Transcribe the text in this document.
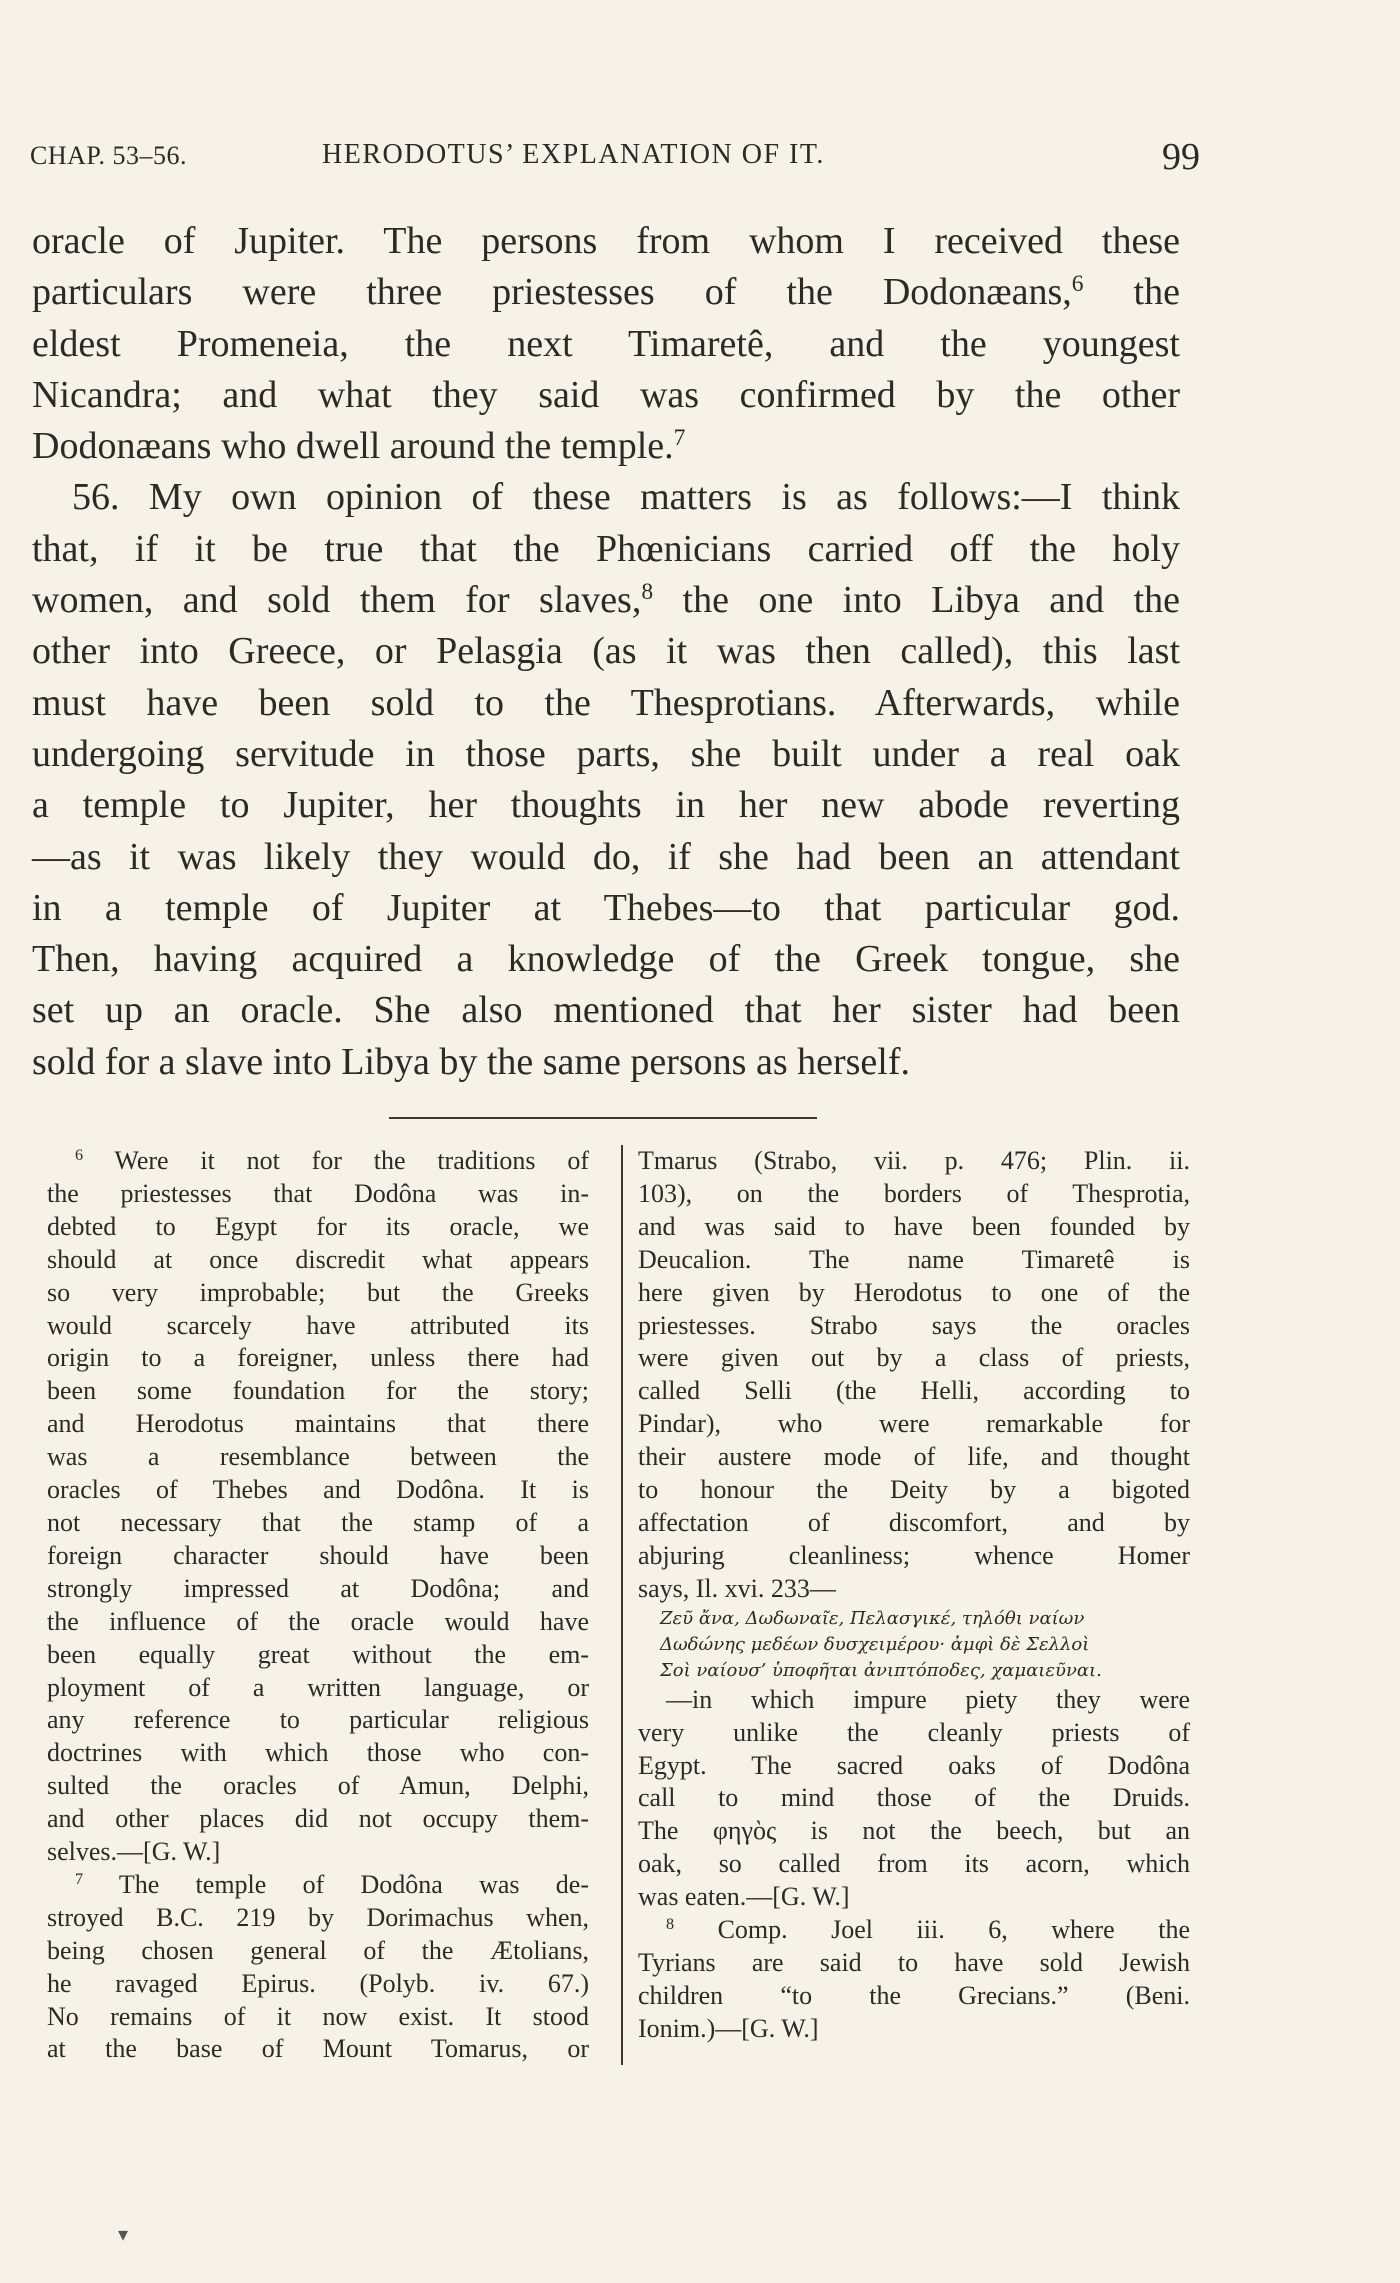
CHAP. 53–56.	HERODOTUS’ EXPLANATION OF IT.	99
oracle of Jupiter. The persons from whom I received these
particulars were three priestesses of the Dodonæans,$^6$ the
eldest Promeneia, the next Timaretê, and the youngest
Nicandra; and what they said was confirmed by the other
Dodonæans who dwell around the temple.$^7$
56. My own opinion of these matters is as follows:—I think
that, if it be true that the Phœnicians carried off the holy
women, and sold them for slaves,$^8$ the one into Libya and the
other into Greece, or Pelasgia (as it was then called), this last
must have been sold to the Thesprotians. Afterwards, while
undergoing servitude in those parts, she built under a real oak
a temple to Jupiter, her thoughts in her new abode reverting
—as it was likely they would do, if she had been an attendant
in a temple of Jupiter at Thebes—to that particular god.
Then, having acquired a knowledge of the Greek tongue, she
set up an oracle. She also mentioned that her sister had been
sold for a slave into Libya by the same persons as herself.
$^6$ Were it not for the traditions of
the priestesses that Dodôna was in-
debted to Egypt for its oracle, we
should at once discredit what appears
so very improbable; but the Greeks
would scarcely have attributed its
origin to a foreigner, unless there had
been some foundation for the story;
and Herodotus maintains that there
was a resemblance between the
oracles of Thebes and Dodôna. It is
not necessary that the stamp of a
foreign character should have been
strongly impressed at Dodôna; and
the influence of the oracle would have
been equally great without the em-
ployment of a written language, or
any reference to particular religious
doctrines with which those who con-
sulted the oracles of Amun, Delphi,
and other places did not occupy them-
selves.—[G. W.]
$^7$ The temple of Dodôna was de-
stroyed B.C. 219 by Dorimachus when,
being chosen general of the Ætolians,
he ravaged Epirus. (Polyb. iv. 67.)
No remains of it now exist. It stood
at the base of Mount Tomarus, or
Tmarus (Strabo, vii. p. 476; Plin. ii.
103), on the borders of Thesprotia,
and was said to have been founded by
Deucalion. The name Timaretê is
here given by Herodotus to one of the
priestesses. Strabo says the oracles
were given out by a class of priests,
called Selli (the Helli, according to
Pindar), who were remarkable for
their austere mode of life, and thought
to honour the Deity by a bigoted
affectation of discomfort, and by
abjuring cleanliness; whence Homer
says, Il. xvi. 233—
Ζεῦ ἄνα, Δωδωναῖε, Πελασγικέ, τηλόθι ναίων
Δωδώνης μεδέων δυσχειμέρου· ἀμφὶ δὲ Σελλοὶ
Σοὶ ναίουσ’ ὑποφῆται ἀνιπτόποδες, χαμαιεῦναι.
—in which impure piety they were
very unlike the cleanly priests of
Egypt. The sacred oaks of Dodôna
call to mind those of the Druids.
The φηγὸς is not the beech, but an
oak, so called from its acorn, which
was eaten.—[G. W.]
$^8$ Comp. Joel iii. 6, where the
Tyrians are said to have sold Jewish
children “to the Grecians.” (Beni.
Ionim.)—[G. W.]
▾
